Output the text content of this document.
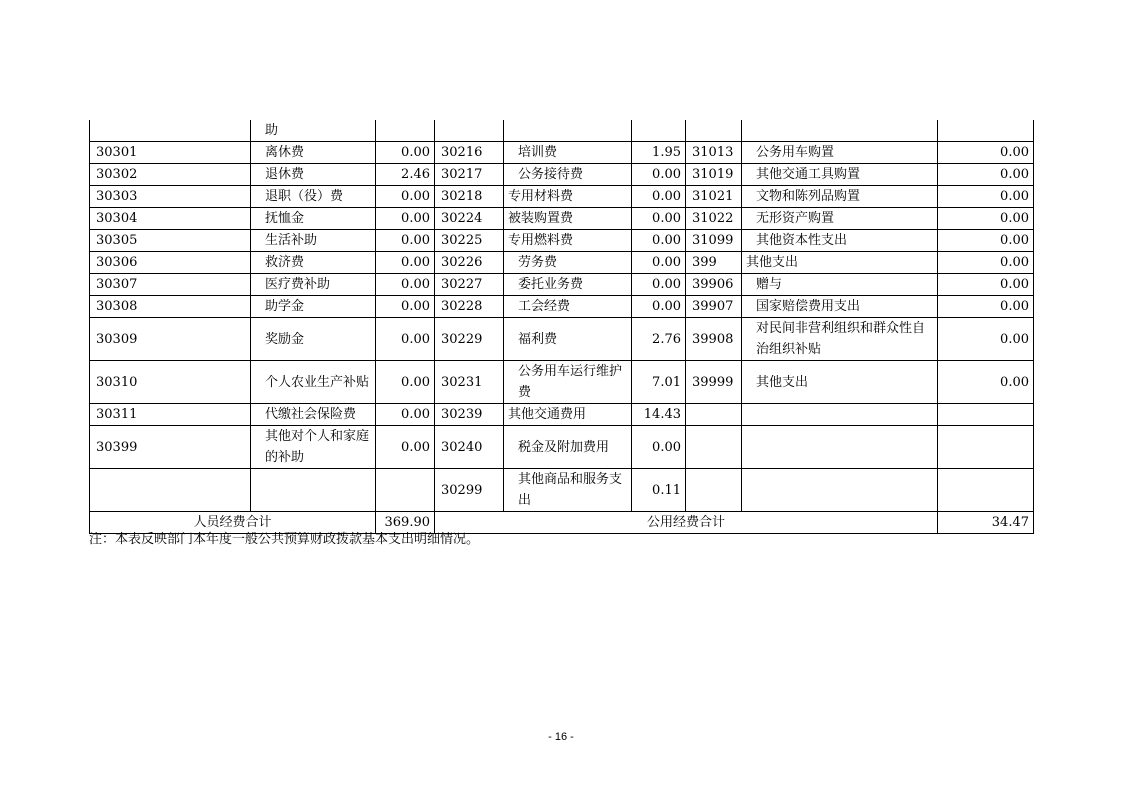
	助							
30301	离休费	0.00	30216	培训费	1.95	31013	公务用车购置	0.00
30302	退休费	2.46	30217	公务接待费	0.00	31019	其他交通工具购置	0.00
30303	退职（役）费	0.00	30218	专用材料费	0.00	31021	文物和陈列品购置	0.00
30304	抚恤金	0.00	30224	被装购置费	0.00	31022	无形资产购置	0.00
30305	生活补助	0.00	30225	专用燃料费	0.00	31099	其他资本性支出	0.00
30306	救济费	0.00	30226	劳务费	0.00	399	其他支出	0.00
30307	医疗费补助	0.00	30227	委托业务费	0.00	39906	赠与	0.00
30308	助学金	0.00	30228	工会经费	0.00	39907	国家赔偿费用支出	0.00
30309	奖励金	0.00	30229	福利费	2.76	39908	对民间非营利组织和群众性自治组织补贴	0.00
30310	个人农业生产补贴	0.00	30231	公务用车运行维护费	7.01	39999	其他支出	0.00
30311	代缴社会保险费	0.00	30239	其他交通费用	14.43			
30399	其他对个人和家庭的补助	0.00	30240	税金及附加费用	0.00			
			30299	其他商品和服务支出	0.11			
人员经费合计		369.90	公用经费合计					34.47
注：本表反映部门本年度一般公共预算财政拨款基本支出明细情况。
- 16 -
